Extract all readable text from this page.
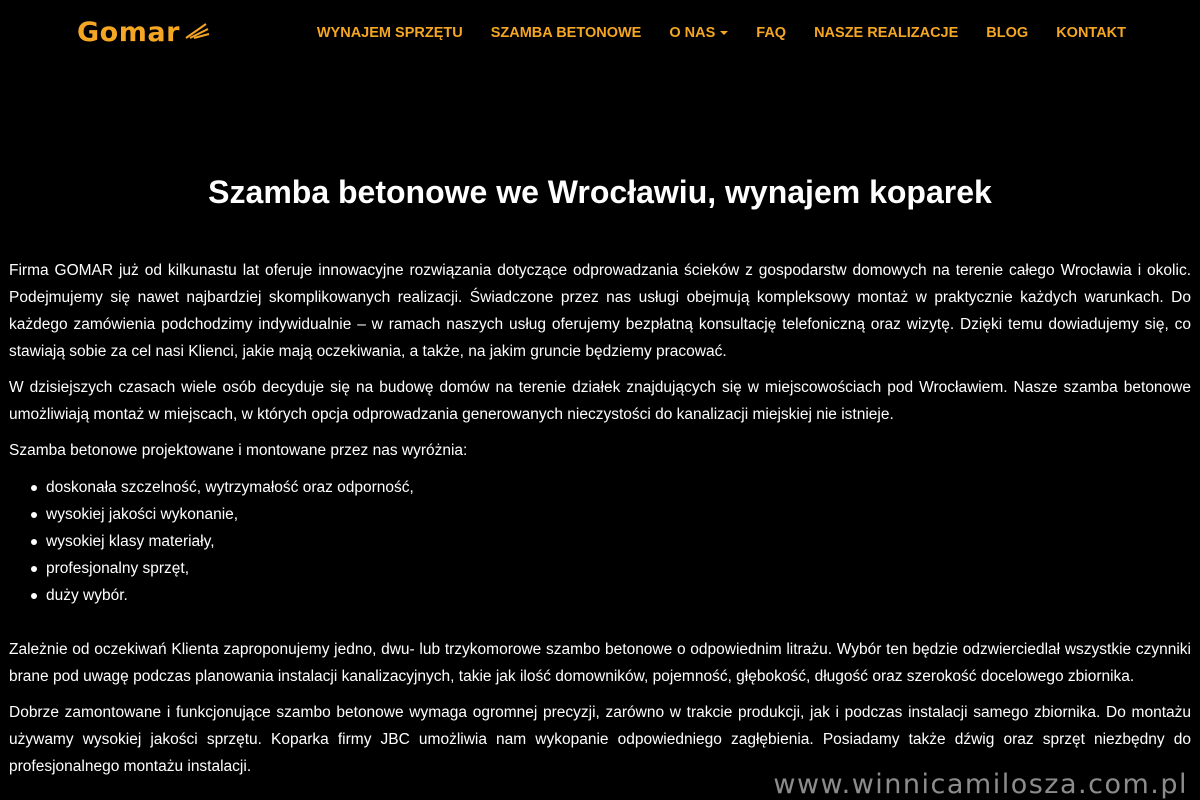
Gomar	WYNAJEM SPRZĘTU SZAMBA BETONOWE O NAS	FAQ NASZE REALIZACJE BLOG KONTAKT
Szamba betonowe we Wrocławiu, wynajem koparek

Firma GOMAR już od kilkunastu lat oferuje innowacyjne rozwiązania dotyczące odprowadzania ścieków z gospodarstw domowych na terenie całego Wrocławia i okolic. Podejmujemy się nawet najbardziej skomplikowanych realizacji. Świadczone przez nas usługi obejmują kompleksowy montaż w praktycznie każdych warunkach. Do każdego zamówienia podchodzimy indywidualnie – w ramach naszych usług oferujemy bezpłatną konsultację telefoniczną oraz wizytę. Dzięki temu dowiadujemy się, co stawiają sobie za cel nasi Klienci, jakie mają oczekiwania, a także, na jakim gruncie będziemy pracować.

W dzisiejszych czasach wiele osób decyduje się na budowę domów na terenie działek znajdujących się w miejscowościach pod Wrocławiem. Nasze szamba betonowe umożliwiają montaż w miejscach, w których opcja odprowadzania generowanych nieczystości do kanalizacji miejskiej nie istnieje.

Szamba betonowe projektowane i montowane przez nas wyróżnia:

doskonała szczelność, wytrzymałość oraz odporność,
wysokiej jakości wykonanie,
wysokiej klasy materiały,
profesjonalny sprzęt,
duży wybór.

Zależnie od oczekiwań Klienta zaproponujemy jedno, dwu- lub trzykomorowe szambo betonowe o odpowiednim litrażu. Wybór ten będzie odzwierciedlał wszystkie czynniki brane pod uwagę podczas planowania instalacji kanalizacyjnych, takie jak ilość domowników, pojemność, głębokość, długość oraz szerokość docelowego zbiornika.

Dobrze zamontowane i funkcjonujące szambo betonowe wymaga ogromnej precyzji, zarówno w trakcie produkcji, jak i podczas instalacji samego zbiornika. Do montażu używamy wysokiej jakości sprzętu. Koparka firmy JBC umożliwia nam wykopanie odpowiedniego zagłębienia. Posiadamy także dźwig oraz sprzęt niezbędny do profesjonalnego montażu instalacji.

www.winnicamilosza.com.pl
